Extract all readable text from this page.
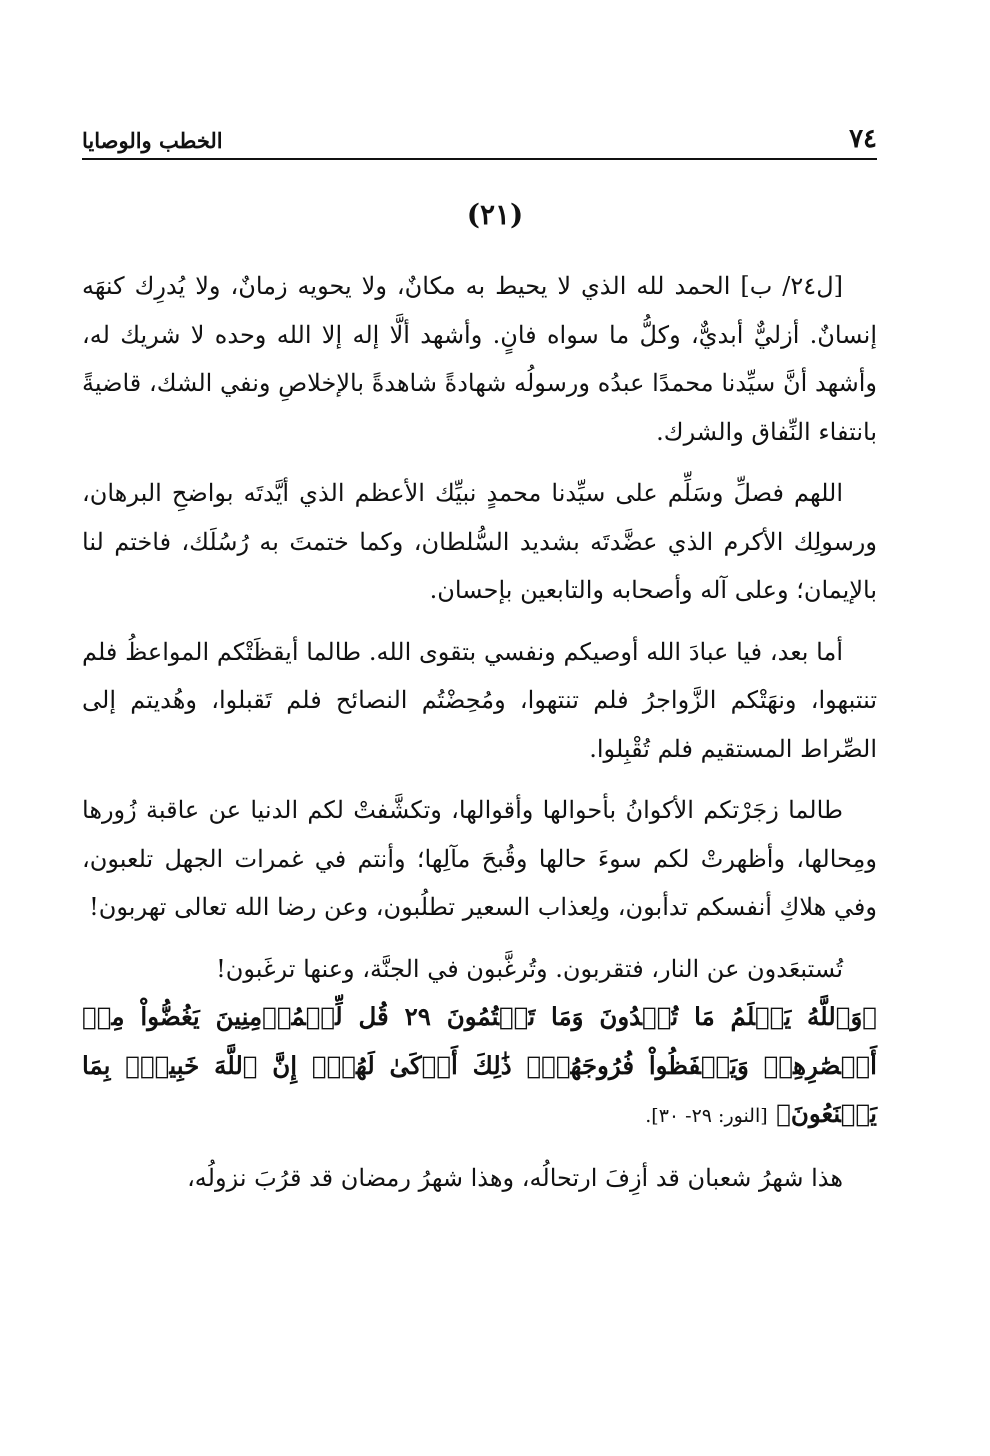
٧٤
الخطب والوصايا
(٢١)

[ل٢٤/ ب] الحمد لله الذي لا يحيط به مكانٌ، ولا يحويه زمانٌ، ولا يُدرِك كنهَه إنسانٌ. أزليٌّ أبديٌّ، وكلُّ ما سواه فانٍ. وأشهد ألَّا إله إلا الله وحده لا شريك له، وأشهد أنَّ سيِّدنا محمدًا عبدُه ورسولُه شهادةً شاهدةً بالإخلاصِ ونفي الشك، قاضيةً بانتفاء النِّفاق والشرك.

اللهم فصلِّ وسَلِّم على سيِّدنا محمدٍ نبيِّك الأعظم الذي أيَّدتَه بواضحِ البرهان، ورسولِك الأكرم الذي عضَّدتَه بشديد السُّلطان، وكما ختمتَ به رُسُلَك، فاختم لنا بالإيمان؛ وعلى آله وأصحابه والتابعين بإحسان.

أما بعد، فيا عبادَ الله أوصيكم ونفسي بتقوى الله. طالما أيقظَتْكم المواعظُ فلم تنتبهوا، ونهَتْكم الزَّواجرُ فلم تنتهوا، ومُحِضْتُم النصائح فلم تَقبلوا، وهُديتم إلى الصِّراط المستقيم فلم تُقْبِلوا.

طالما زجَرْتكم الأكوانُ بأحوالها وأقوالها، وتكشَّفتْ لكم الدنيا عن عاقبة زُورها ومِحالها، وأظهرتْ لكم سوءَ حالها وقُبحَ مآلِها؛ وأنتم في غمرات الجهل تلعبون، وفي هلاكِ أنفسكم تدأبون، ولِعذاب السعير تطلُبون، وعن رضا الله تعالى تهربون!

تُستبعَدون عن النار، فتقربون. وتُرغَّبون في الجنَّة، وعنها ترغَبون!

﴿وَٱللَّهُ يَعۡلَمُ مَا تُبۡدُونَ وَمَا تَكۡتُمُونَ ٢٩ قُل لِّلۡمُؤۡمِنِينَ يَغُضُّواْ مِنۡ أَبۡصَٰرِهِمۡ وَيَحۡفَظُواْ فُرُوجَهُمۡۚ ذَٰلِكَ أَزۡكَىٰ لَهُمۡۚ إِنَّ ٱللَّهَ خَبِيرُۢ بِمَا يَصۡنَعُونَ﴾ [النور: ٢٩- ٣٠].

هذا شهرُ شعبان قد أزِفَ ارتحالُه، وهذا شهرُ رمضان قد قرُبَ نزولُه،
